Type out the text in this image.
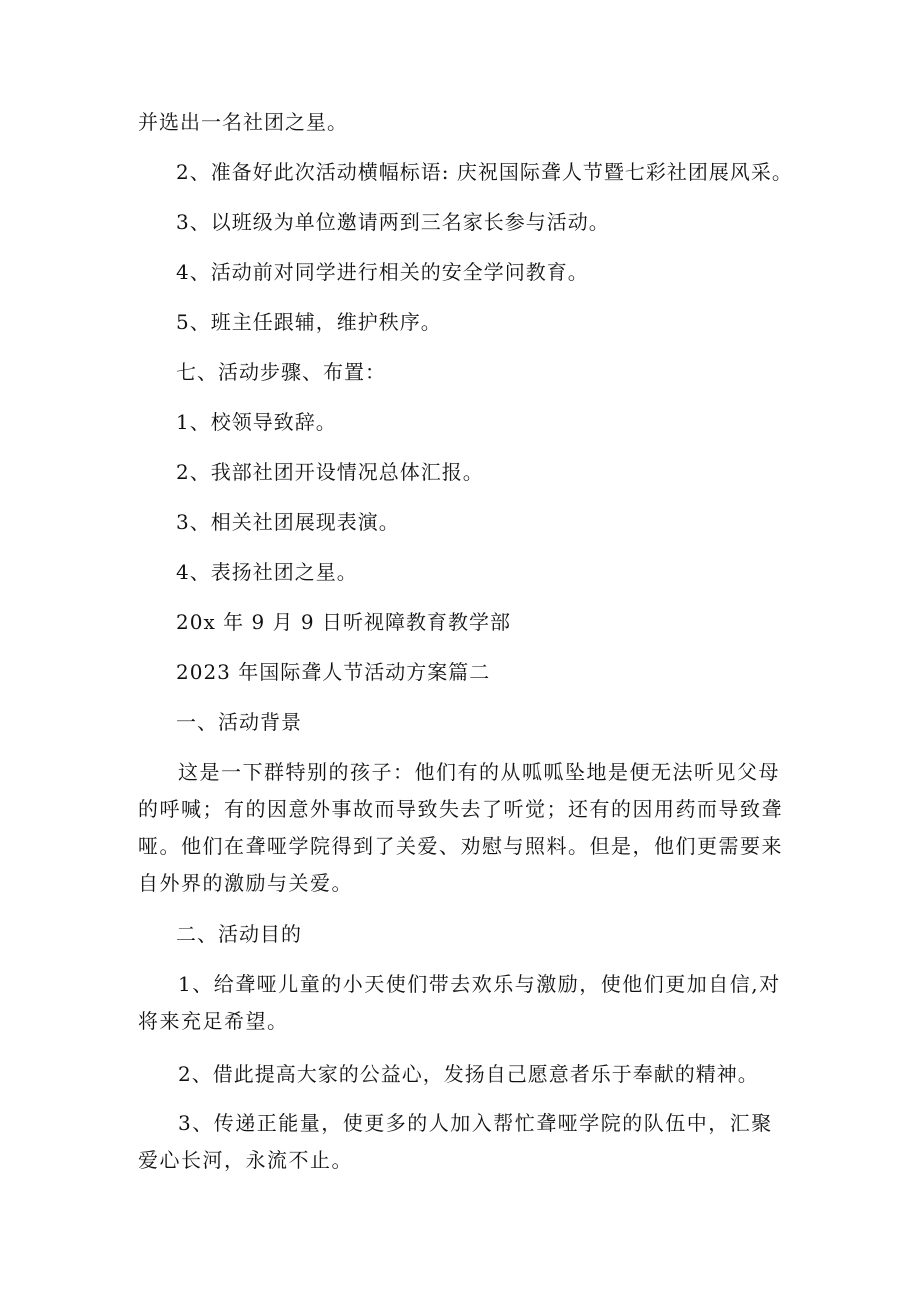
并选出一名社团之星。
2、准备好此次活动横幅标语: 庆祝国际聋人节暨七彩社团展风采。
3、以班级为单位邀请两到三名家长参与活动。
4、活动前对同学进行相关的安全学问教育。
5、班主任跟辅，维护秩序。
七、活动步骤、布置：
1、校领导致辞。
2、我部社团开设情况总体汇报。
3、相关社团展现表演。
4、表扬社团之星。
20x 年 9 月 9 日听视障教育教学部
2023 年国际聋人节活动方案篇二
一、活动背景
这是一下群特别的孩子：他们有的从呱呱坠地是便无法听见父母的呼喊；有的因意外事故而导致失去了听觉；还有的因用药而导致聋哑。他们在聋哑学院得到了关爱、劝慰与照料。但是，他们更需要来自外界的激励与关爱。
二、活动目的
1、给聋哑儿童的小天使们带去欢乐与激励，使他们更加自信,对将来充足希望。
2、借此提高大家的公益心，发扬自己愿意者乐于奉献的精神。
3、传递正能量，使更多的人加入帮忙聋哑学院的队伍中，汇聚爱心长河，永流不止。
